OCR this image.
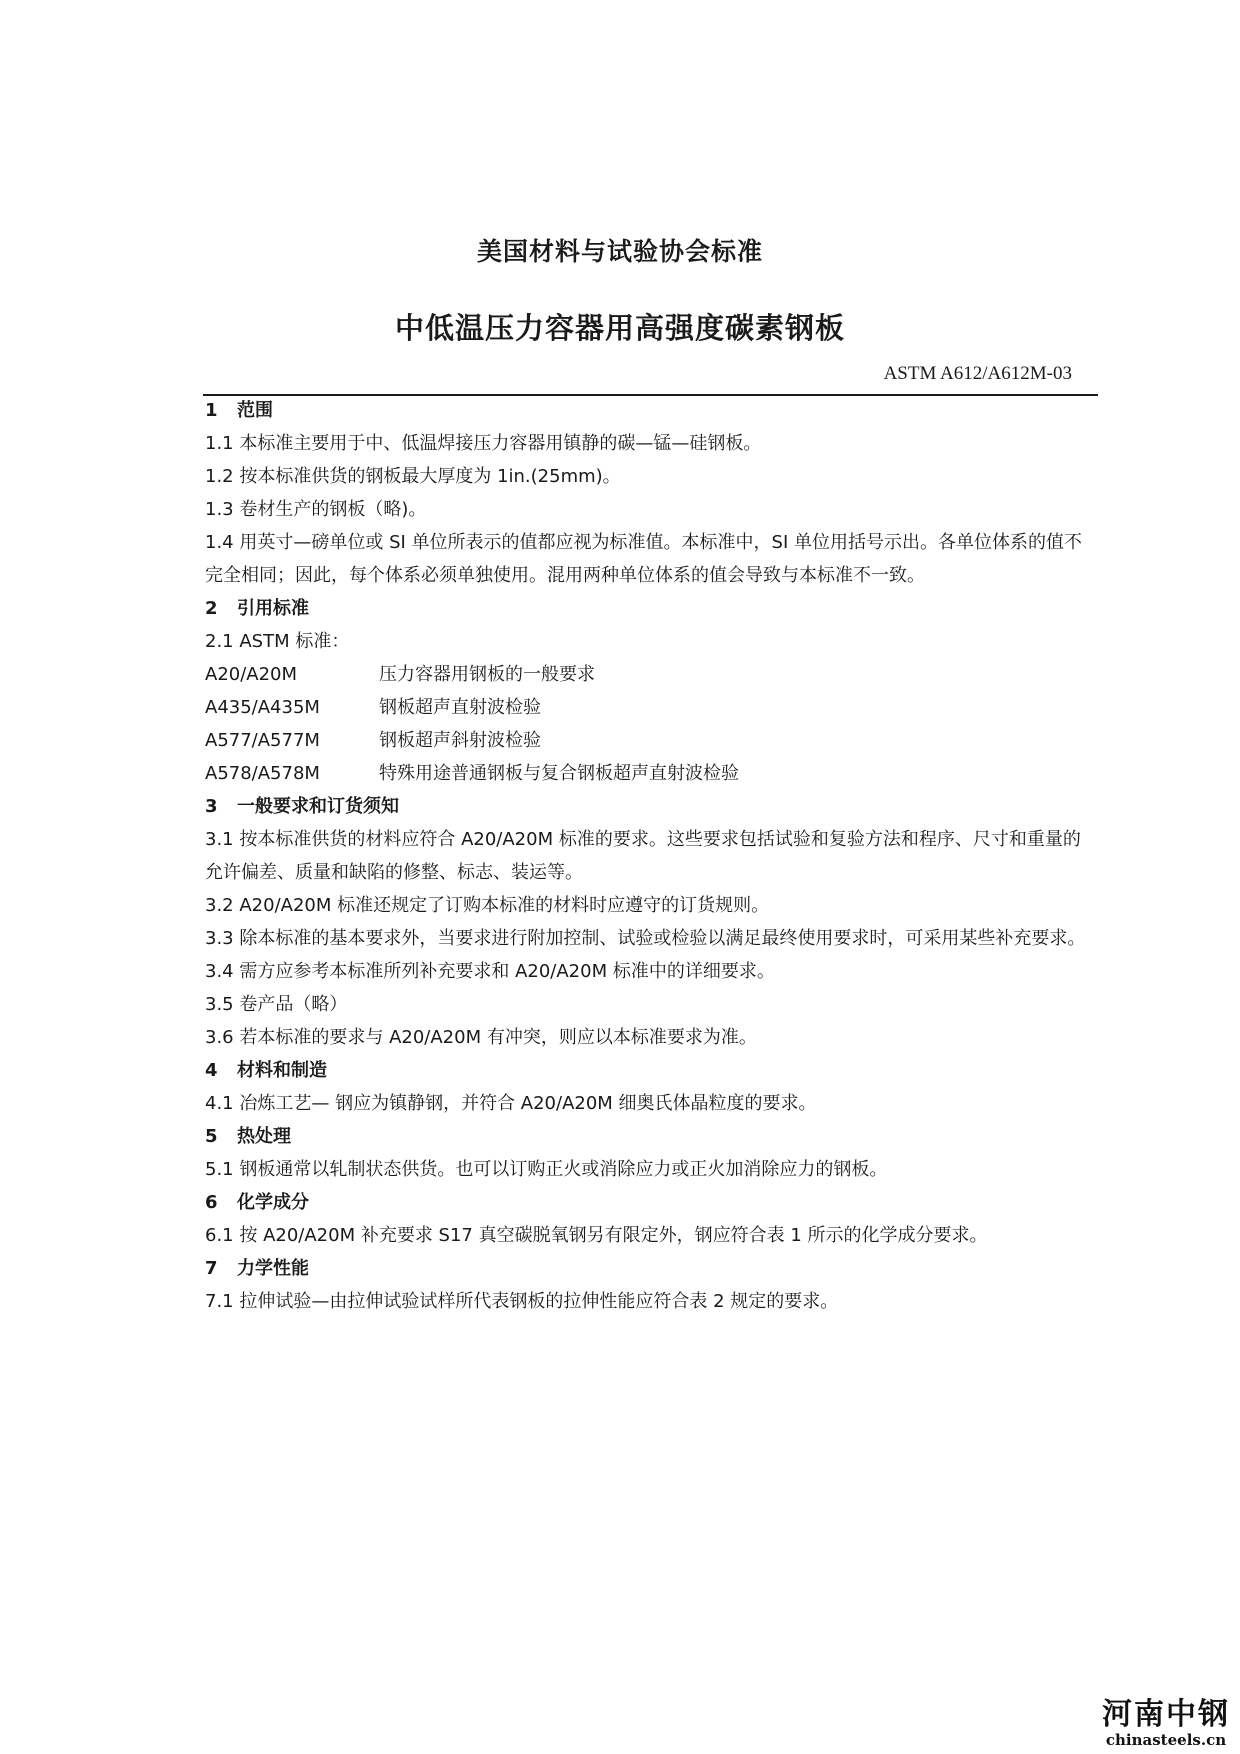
美国材料与试验协会标准
中低温压力容器用高强度碳素钢板
ASTM A612/A612M-03
1 范围
1.1 本标准主要用于中、低温焊接压力容器用镇静的碳—锰—硅钢板。
1.2 按本标准供货的钢板最大厚度为 1in.(25mm)。
1.3 卷材生产的钢板（略)。
1.4 用英寸—磅单位或 SI 单位所表示的值都应视为标准值。本标准中，SI 单位用括号示出。各单位体系的值不完全相同；因此，每个体系必须单独使用。混用两种单位体系的值会导致与本标准不一致。
2 引用标准
2.1 ASTM 标准：
A20/A20M	压力容器用钢板的一般要求
A435/A435M	钢板超声直射波检验
A577/A577M	钢板超声斜射波检验
A578/A578M	特殊用途普通钢板与复合钢板超声直射波检验
3 一般要求和订货须知
3.1 按本标准供货的材料应符合 A20/A20M 标准的要求。这些要求包括试验和复验方法和程序、尺寸和重量的允许偏差、质量和缺陷的修整、标志、装运等。
3.2 A20/A20M 标准还规定了订购本标准的材料时应遵守的订货规则。
3.3 除本标准的基本要求外，当要求进行附加控制、试验或检验以满足最终使用要求时，可采用某些补充要求。
3.4 需方应参考本标准所列补充要求和 A20/A20M 标准中的详细要求。
3.5 卷产品（略）
3.6 若本标准的要求与 A20/A20M 有冲突，则应以本标准要求为准。
4 材料和制造
4.1 冶炼工艺— 钢应为镇静钢，并符合 A20/A20M 细奥氏体晶粒度的要求。
5 热处理
5.1 钢板通常以轧制状态供货。也可以订购正火或消除应力或正火加消除应力的钢板。
6 化学成分
6.1 按 A20/A20M 补充要求 S17 真空碳脱氧钢另有限定外，钢应符合表 1 所示的化学成分要求。
7 力学性能
7.1 拉伸试验—由拉伸试验试样所代表钢板的拉伸性能应符合表 2 规定的要求。
河南中钢
chinasteels.cn
